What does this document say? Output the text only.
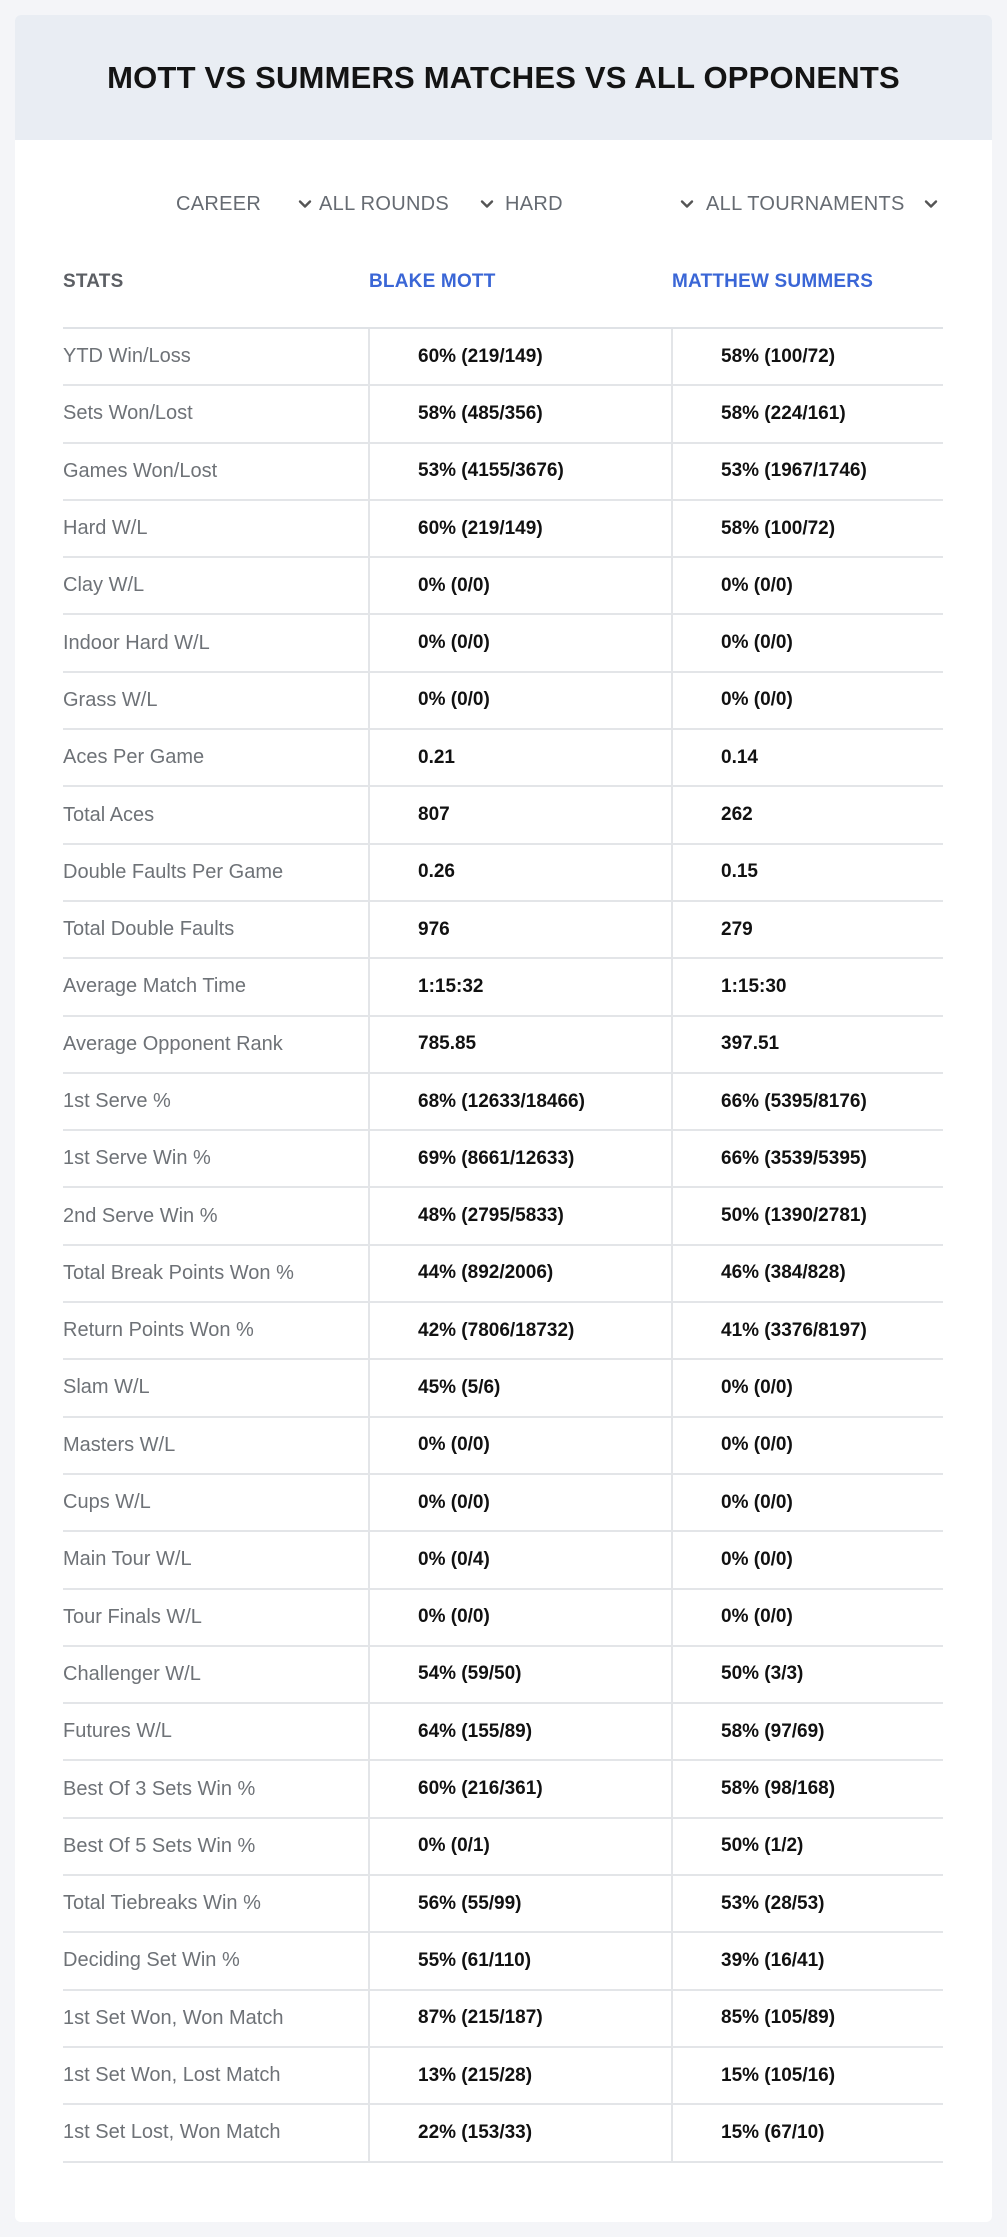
MOTT VS SUMMERS MATCHES VS ALL OPPONENTS
CAREER	ALL ROUNDS	HARD	ALL TOURNAMENTS
STATS	BLAKE MOTT	MATTHEW SUMMERS
YTD Win/Loss	60% (219/149)	58% (100/72)
Sets Won/Lost	58% (485/356)	58% (224/161)
Games Won/Lost	53% (4155/3676)	53% (1967/1746)
Hard W/L	60% (219/149)	58% (100/72)
Clay W/L	0% (0/0)	0% (0/0)
Indoor Hard W/L	0% (0/0)	0% (0/0)
Grass W/L	0% (0/0)	0% (0/0)
Aces Per Game	0.21	0.14
Total Aces	807	262
Double Faults Per Game	0.26	0.15
Total Double Faults	976	279
Average Match Time	1:15:32	1:15:30
Average Opponent Rank	785.85	397.51
1st Serve %	68% (12633/18466)	66% (5395/8176)
1st Serve Win %	69% (8661/12633)	66% (3539/5395)
2nd Serve Win %	48% (2795/5833)	50% (1390/2781)
Total Break Points Won %	44% (892/2006)	46% (384/828)
Return Points Won %	42% (7806/18732)	41% (3376/8197)
Slam W/L	45% (5/6)	0% (0/0)
Masters W/L	0% (0/0)	0% (0/0)
Cups W/L	0% (0/0)	0% (0/0)
Main Tour W/L	0% (0/4)	0% (0/0)
Tour Finals W/L	0% (0/0)	0% (0/0)
Challenger W/L	54% (59/50)	50% (3/3)
Futures W/L	64% (155/89)	58% (97/69)
Best Of 3 Sets Win %	60% (216/361)	58% (98/168)
Best Of 5 Sets Win %	0% (0/1)	50% (1/2)
Total Tiebreaks Win %	56% (55/99)	53% (28/53)
Deciding Set Win %	55% (61/110)	39% (16/41)
1st Set Won, Won Match	87% (215/187)	85% (105/89)
1st Set Won, Lost Match	13% (215/28)	15% (105/16)
1st Set Lost, Won Match	22% (153/33)	15% (67/10)
